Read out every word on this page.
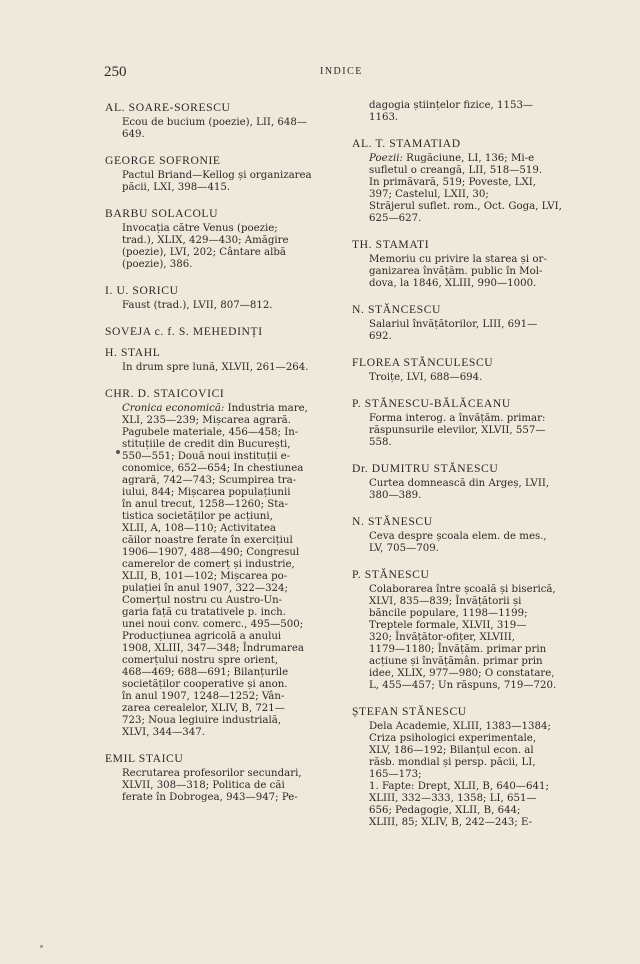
250	INDICE
AL. SOARE-SORESCU
Ecou de bucium (poezie), LII, 648—
649.
GEORGE SOFRONIE
Pactul Briand—Kellog și organizarea
păcii, LXI, 398—415.
BARBU SOLACOLU
Invocația către Venus (poezie;
trad.), XLIX, 429—430; Amăgire
(poezie), LVI, 202; Cântare albă
(poezie), 386.
I. U. SORICU
Faust (trad.), LVII, 807—812.
SOVEJA c. f. S. MEHEDINȚI
H. STAHL
In drum spre lună, XLVII, 261—264.
CHR. D. STAICOVICI
Cronica economică: Industria mare,
XLI, 235—239; Mișcarea agrară.
Pagubele materiale, 456—458; In-
stituțiile de credit din București,
550—551; Două noui instituții e-
conomice, 652—654; In chestiunea
agrară, 742—743; Scumpirea tra-
iului, 844; Mișcarea populațiunii
în anul trecut, 1258—1260; Sta-
tistica societăților pe acțiuni,
XLII, A, 108—110; Activitatea
căilor noastre ferate în exercițiul
1906—1907, 488—490; Congresul
camerelor de comerț și industrie,
XLII, B, 101—102; Mișcarea po-
pulației în anul 1907, 322—324;
Comerțul nostru cu Austro-Un-
garia față cu tratativele p. inch.
unei noui conv. comerc., 495—500;
Producțiunea agricolă a anului
1908, XLIII, 347—348; Îndrumarea
comerțului nostru spre orient,
468—469; 688—691; Bilanțurile
societăților cooperative și anon.
în anul 1907, 1248—1252; Vân-
zarea cerealelor, XLIV, B, 721—
723; Noua legiuire industrială,
XLVI, 344—347.
EMIL STAICU
Recrutarea profesorilor secundari,
XLVII, 308—318; Politica de căi
ferate în Dobrogea, 943—947; Pe-
dagogia științelor fizice, 1153—
1163.
AL. T. STAMATIAD
Poezii: Rugăciune, LI, 136; Mi-e
sufletul o creangă, LII, 518—519.
In primăvară, 519; Poveste, LXI,
397; Castelul, LXII, 30;
Străjerul suflet. rom., Oct. Goga, LVI,
625—627.
TH. STAMATI
Memoriu cu privire la starea și or-
ganizarea învățăm. public în Mol-
dova, la 1846, XLIII, 990—1000.
N. STĂNCESCU
Salariul învățătorilor, LIII, 691—
692.
FLOREA STĂNCULESCU
Troițe, LVI, 688—694.
P. STĂNESCU-BĂLĂCEANU
Forma interog. a învățăm. primar:
răspunsurile elevilor, XLVII, 557—
558.
Dr. DUMITRU STĂNESCU
Curtea domnească din Argeș, LVII,
380—389.
N. STĂNESCU
Ceva despre școala elem. de mes.,
LV, 705—709.
P. STĂNESCU
Colaborarea între școală și biserică,
XLVI, 835—839; Învățătorii și
băncile populare, 1198—1199;
Treptele formale, XLVII, 319—
320; Învățător-ofițer, XLVIII,
1179—1180; Învățăm. primar prin
acțiune și învățămân. primar prin
idee, XLIX, 977—980; O constatare,
L, 455—457; Un răspuns, 719—720.
ȘTEFAN STĂNESCU
Dela Academie, XLIII, 1383—1384;
Criza psihologici experimentale,
XLV, 186—192; Bilanțul econ. al
răsb. mondial și persp. păcii, LI,
165—173;
1. Fapte: Drept, XLII, B, 640—641;
XLIII, 332—333, 1358; LI, 651—
656; Pedagogie, XLII, B, 644;
XLIII, 85; XLIV, B, 242—243; E-
